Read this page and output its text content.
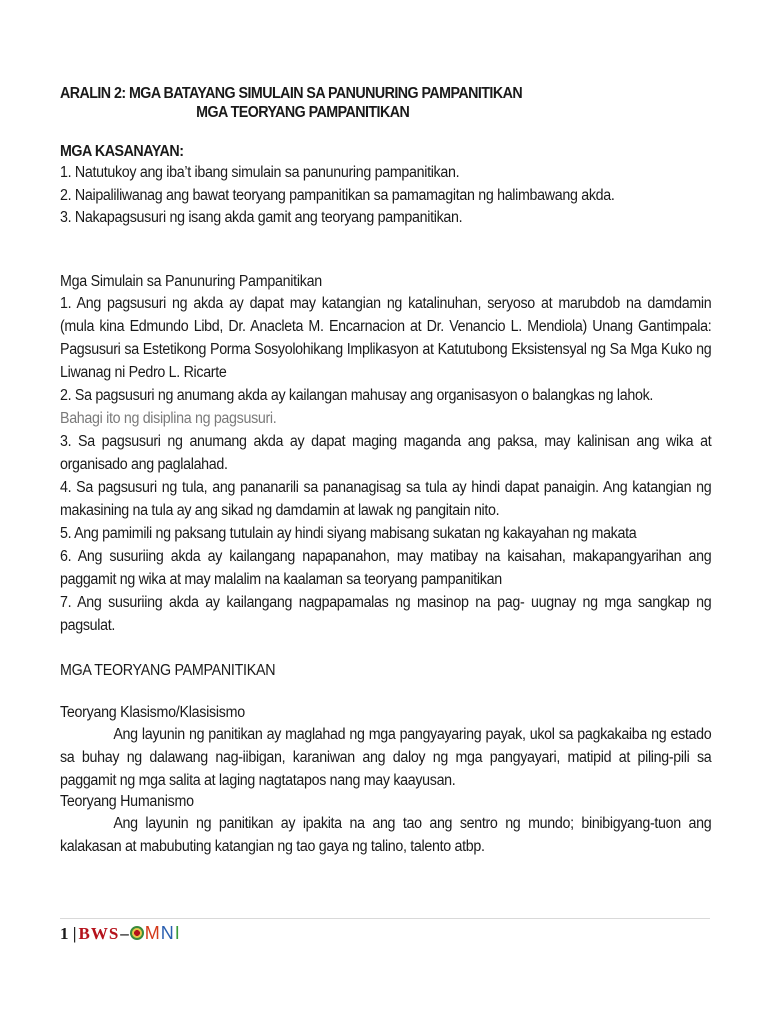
ARALIN 2: MGA BATAYANG SIMULAIN SA PANUNURING PAMPANITIKAN
MGA TEORYANG PAMPANITIKAN
MGA KASANAYAN:
1. Natutukoy ang iba’t ibang simulain sa panunuring pampanitikan.
2. Naipaliliwanag ang bawat teoryang pampanitikan sa pamamagitan ng halimbawang akda.
3. Nakapagsusuri ng isang akda gamit ang teoryang pampanitikan.
Mga Simulain sa Panunuring Pampanitikan
1. Ang pagsusuri ng akda ay dapat may katangian ng katalinuhan, seryoso at marubdob na damdamin (mula kina Edmundo Libd, Dr. Anacleta M. Encarnacion at Dr. Venancio L. Mendiola) Unang Gantimpala: Pagsusuri sa Estetikong Porma Sosyolohikang Implikasyon at Katutubong Eksistensyal ng Sa Mga Kuko ng Liwanag ni Pedro L. Ricarte
2. Sa pagsusuri ng anumang akda ay kailangan mahusay ang organisasyon o balangkas ng lahok.
Bahagi ito ng disiplina ng pagsusuri.
3. Sa pagsusuri ng anumang akda ay dapat maging maganda ang paksa, may kalinisan ang wika at organisado ang paglalahad.
4. Sa pagsusuri ng tula, ang pananarili sa pananagisag sa tula ay hindi dapat panaigin. Ang katangian ng makasining na tula ay ang sikad ng damdamin at lawak ng pangitain nito.
5. Ang pamimili ng paksang tutulain ay hindi siyang mabisang sukatan ng kakayahan ng makata
6. Ang susuriing akda ay kailangang napapanahon, may matibay na kaisahan, makapangyarihan ang paggamit ng wika at may malalim na kaalaman sa teoryang pampanitikan
7. Ang susuriing akda ay kailangang nagpapamalas ng masinop na pag- uugnay ng mga sangkap ng pagsulat.
MGA TEORYANG PAMPANITIKAN
Teoryang Klasismo/Klasisismo
Ang layunin ng panitikan ay maglahad ng mga pangyayaring payak, ukol sa pagkakaiba ng estado sa buhay ng dalawang nag-iibigan, karaniwan ang daloy ng mga pangyayari, matipid at piling-pili sa paggamit ng mga salita at laging nagtatapos nang may kaayusan.
Teoryang Humanismo
Ang layunin ng panitikan ay ipakita na ang tao ang sentro ng mundo; binibigyang-tuon ang kalakasan at mabubuting katangian ng tao gaya ng talino, talento atbp.
1 | BWS – MNI
